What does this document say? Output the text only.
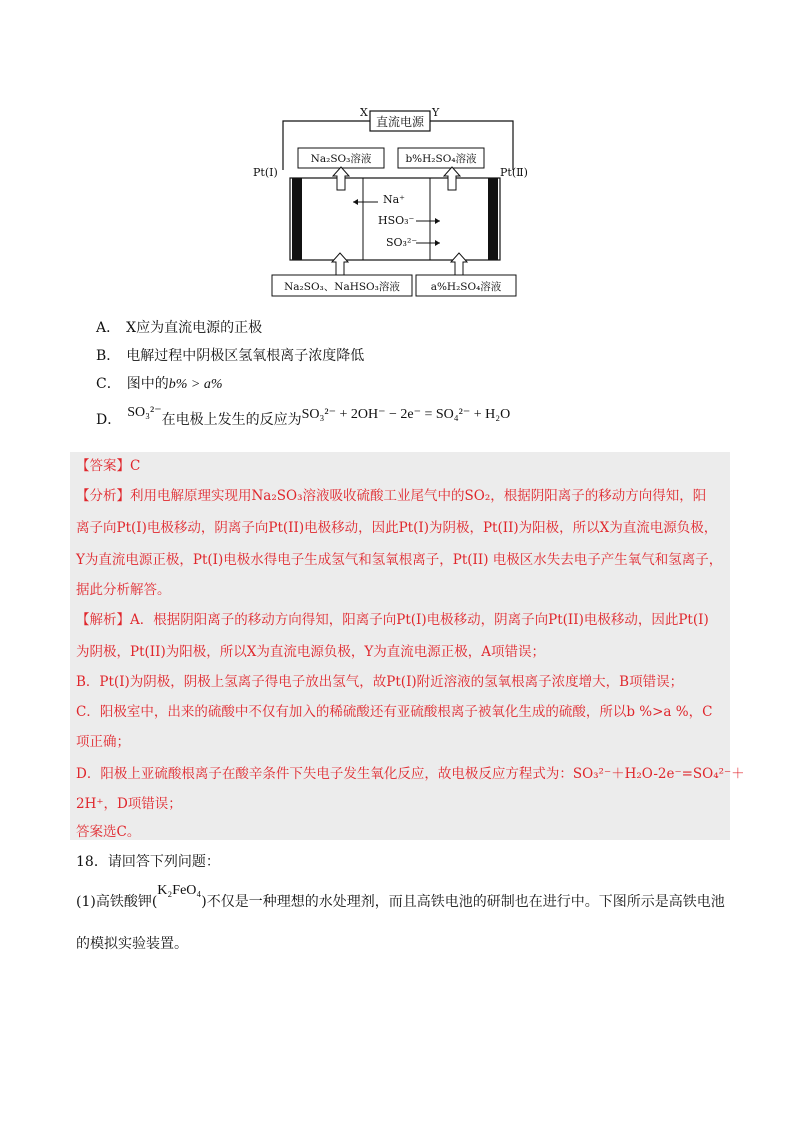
直流电源
X	Y
Na₂SO₃溶液	b%H₂SO₄溶液
Pt(Ⅰ)	Pt(Ⅱ)
Na⁺
HSO₃⁻
SO₃²⁻
Na₂SO₃、NaHSO₃溶液	a%H₂SO₄溶液
A． X应为直流电源的正极
B． 电解过程中阴极区氢氧根离子浓度降低
C． 图中的b% > a%
D． SO₃²⁻在电极上发生的反应为SO₃²⁻ + 2OH⁻ − 2e⁻ = SO₄²⁻ + H₂O
【答案】C
【分析】利用电解原理实现用Na₂SO₃溶液吸收硫酸工业尾气中的SO₂，根据阴阳离子的移动方向得知，阳
离子向Pt(I)电极移动，阴离子向Pt(II)电极移动，因此Pt(I)为阴极，Pt(II)为阳极，所以X为直流电源负极，
Y为直流电源正极，Pt(I)电极水得电子生成氢气和氢氧根离子，Pt(II) 电极区水失去电子产生氧气和氢离子，
据此分析解答。
【解析】A．根据阴阳离子的移动方向得知，阳离子向Pt(I)电极移动，阴离子向Pt(II)电极移动，因此Pt(I)
为阴极，Pt(II)为阳极，所以X为直流电源负极，Y为直流电源正极，A项错误；
B．Pt(I)为阴极，阴极上氢离子得电子放出氢气，故Pt(I)附近溶液的氢氧根离子浓度增大，B项错误；
C．阳极室中，出来的硫酸中不仅有加入的稀硫酸还有亚硫酸根离子被氧化生成的硫酸，所以b %>a %，C
项正确；
D．阳极上亚硫酸根离子在酸辛条件下失电子发生氧化反应，故电极反应方程式为：SO₃²⁻＋H₂O-2e⁻=SO₄²⁻＋
2H⁺，D项错误；
答案选C。
18．请回答下列问题：
(1)高铁酸钾(K₂FeO₄)不仅是一种理想的水处理剂，而且高铁电池的研制也在进行中。下图所示是高铁电池
的模拟实验装置。
